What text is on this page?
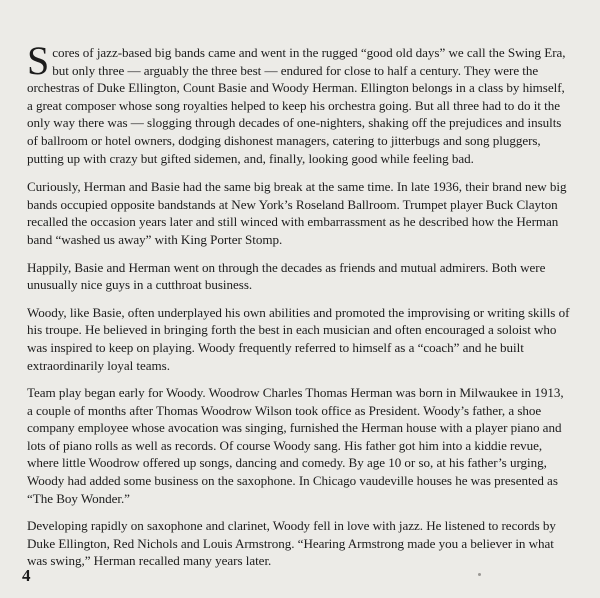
Scores of jazz-based big bands came and went in the rugged “good old days” we call the Swing Era, but only three — arguably the three best — endured for close to half a century. They were the orchestras of Duke Ellington, Count Basie and Woody Herman. Ellington belongs in a class by himself, a great composer whose song royalties helped to keep his orchestra going. But all three had to do it the only way there was — slogging through decades of one-nighters, shaking off the prejudices and insults of ballroom or hotel owners, dodging dishonest managers, catering to jitterbugs and song pluggers, putting up with crazy but gifted sidemen, and, finally, looking good while feeling bad.

Curiously, Herman and Basie had the same big break at the same time. In late 1936, their brand new big bands occupied opposite bandstands at New York’s Roseland Ballroom. Trumpet player Buck Clayton recalled the occasion years later and still winced with embarrassment as he described how the Herman band “washed us away” with King Porter Stomp.

Happily, Basie and Herman went on through the decades as friends and mutual admirers. Both were unusually nice guys in a cutthroat business.

Woody, like Basie, often underplayed his own abilities and promoted the improvising or writing skills of his troupe. He believed in bringing forth the best in each musician and often encouraged a soloist who was inspired to keep on playing. Woody frequently referred to himself as a “coach” and he built extraordinarily loyal teams.

Team play began early for Woody. Woodrow Charles Thomas Herman was born in Milwaukee in 1913, a couple of months after Thomas Woodrow Wilson took office as President. Woody’s father, a shoe company employee whose avocation was singing, furnished the Herman house with a player piano and lots of piano rolls as well as records. Of course Woody sang. His father got him into a kiddie revue, where little Woodrow offered up songs, dancing and comedy. By age 10 or so, at his father’s urging, Woody had added some business on the saxophone. In Chicago vaudeville houses he was presented as “The Boy Wonder.”

Developing rapidly on saxophone and clarinet, Woody fell in love with jazz. He listened to records by Duke Ellington, Red Nichols and Louis Armstrong. “Hearing Armstrong made you a believer in what was swing,” Herman recalled many years later.

4
